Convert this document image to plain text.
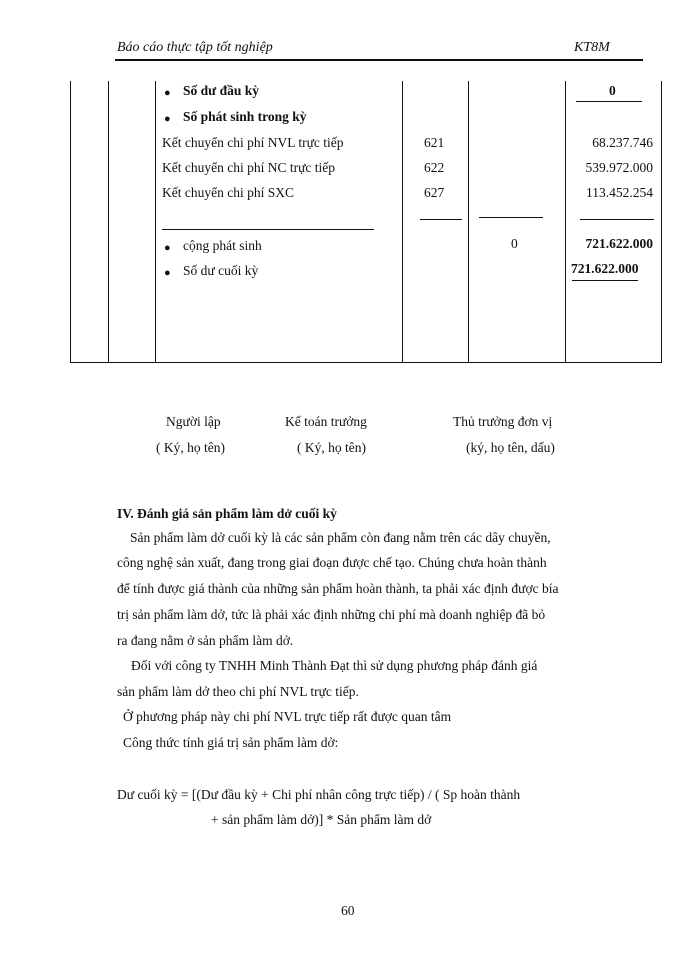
Báo cáo thực tập tốt nghiệp	KT8M
● Số dư đầu kỳ	0
● Số phát sinh trong kỳ
Kết chuyển chi phí NVL trực tiếp	621	68.237.746
Kết chuyển chi phí NC trực tiếp	622	539.972.000
Kết chuyển chi phí SXC	627	113.452.254
● cộng phát sinh	0	721.622.000
● Số dư cuối kỳ	721.622.000
Người lập
( Ký, họ tên)
Kế toán trưởng
( Ký, họ tên)
Thủ trưởng đơn vị
(ký, họ tên, dấu)
IV. Đánh giá sản phẩm làm dở cuối kỳ
Sản phẩm làm dở cuối kỳ là các sản phẩm còn đang nằm trên các dây chuyền,
công nghệ sản xuất, đang trong giai đoạn được chế tạo. Chúng chưa hoàn thành
để tính được giá thành của những sản phẩm hoàn thành, ta phải xác định được bía
trị sản phẩm làm dở, tức là phải xác định những chi phí mà doanh nghiệp đã bỏ
ra đang nằm ở sản phẩm làm dở.
Đối với công ty TNHH Minh Thành Đạt thì sử dụng phương pháp đánh giá
sản phẩm làm dở theo chi phí NVL trực tiếp.
Ở phương pháp này chi phí NVL trực tiếp rất được quan tâm
Công thức tính giá trị sản phẩm làm dở:
Dư cuối kỳ = [(Dư đầu kỳ + Chi phí nhân công trực tiếp) / ( Sp hoàn thành
+ sản phẩm làm dở)] * Sản phẩm làm dở
60
